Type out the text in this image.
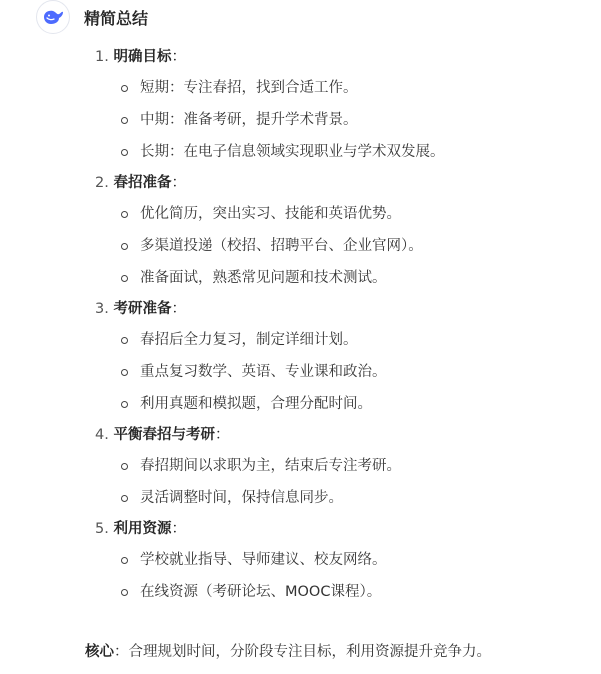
精简总结
1. 明确目标：
短期：专注春招，找到合适工作。
中期：准备考研，提升学术背景。
长期：在电子信息领域实现职业与学术双发展。
2. 春招准备：
优化简历，突出实习、技能和英语优势。
多渠道投递（校招、招聘平台、企业官网）。
准备面试，熟悉常见问题和技术测试。
3. 考研准备：
春招后全力复习，制定详细计划。
重点复习数学、英语、专业课和政治。
利用真题和模拟题，合理分配时间。
4. 平衡春招与考研：
春招期间以求职为主，结束后专注考研。
灵活调整时间，保持信息同步。
5. 利用资源：
学校就业指导、导师建议、校友网络。
在线资源（考研论坛、MOOC课程）。
核心：合理规划时间，分阶段专注目标，利用资源提升竞争力。
